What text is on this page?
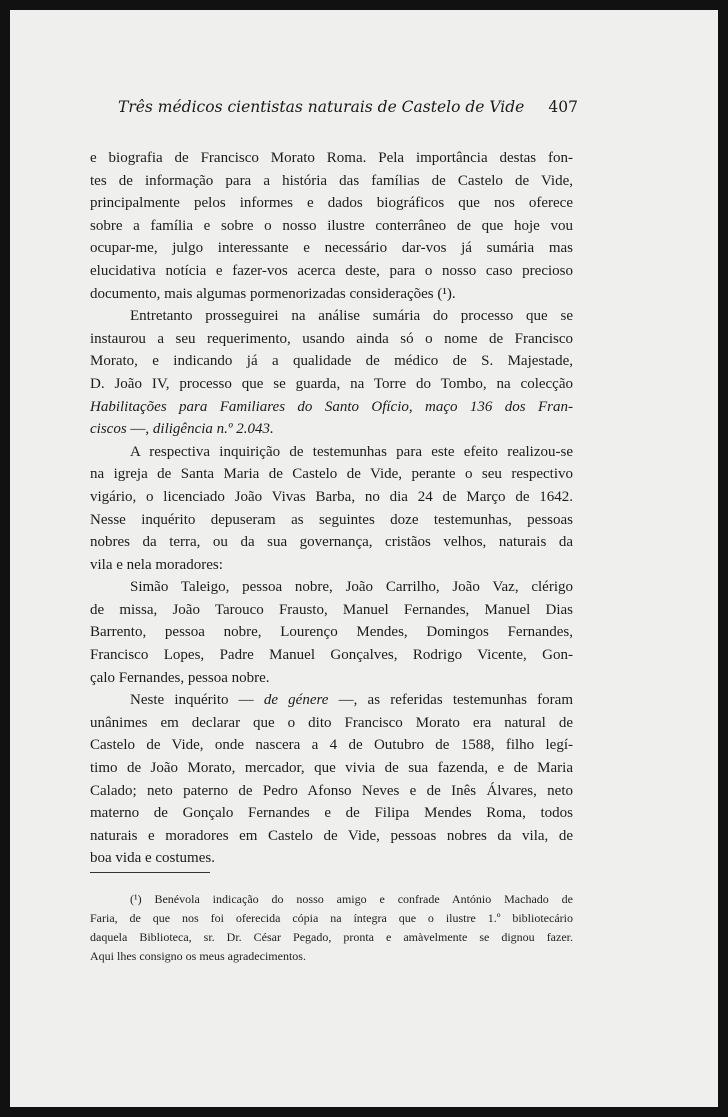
Três médicos cientistas naturais de Castelo de Vide 407
e biografia de Francisco Morato Roma. Pela importância destas fon-
tes de informação para a história das famílias de Castelo de Vide,
principalmente pelos informes e dados biográficos que nos oferece
sobre a família e sobre o nosso ilustre conterrâneo de que hoje vou
ocupar-me, julgo interessante e necessário dar-vos já sumária mas
elucidativa notícia e fazer-vos acerca deste, para o nosso caso precioso
documento, mais algumas pormenorizadas considerações (¹).
Entretanto prosseguirei na análise sumária do processo que se
instaurou a seu requerimento, usando ainda só o nome de Francisco
Morato, e indicando já a qualidade de médico de S. Majestade,
D. João IV, processo que se guarda, na Torre do Tombo, na colecção
Habilitações para Familiares do Santo Ofício, maço 136 dos Fran-
ciscos —, diligência n.º 2.043.
A respectiva inquirição de testemunhas para este efeito realizou-se
na igreja de Santa Maria de Castelo de Vide, perante o seu respectivo
vigário, o licenciado João Vivas Barba, no dia 24 de Março de 1642.
Nesse inquérito depuseram as seguintes doze testemunhas, pessoas
nobres da terra, ou da sua governança, cristãos velhos, naturais da
vila e nela moradores:
Simão Taleigo, pessoa nobre, João Carrilho, João Vaz, clérigo
de missa, João Tarouco Frausto, Manuel Fernandes, Manuel Dias
Barrento, pessoa nobre, Lourenço Mendes, Domingos Fernandes,
Francisco Lopes, Padre Manuel Gonçalves, Rodrigo Vicente, Gon-
çalo Fernandes, pessoa nobre.
Neste inquérito — de génere —, as referidas testemunhas foram
unânimes em declarar que o dito Francisco Morato era natural de
Castelo de Vide, onde nascera a 4 de Outubro de 1588, filho legí-
timo de João Morato, mercador, que vivia de sua fazenda, e de Maria
Calado; neto paterno de Pedro Afonso Neves e de Inês Álvares, neto
materno de Gonçalo Fernandes e de Filipa Mendes Roma, todos
naturais e moradores em Castelo de Vide, pessoas nobres da vila, de
boa vida e costumes.
(¹) Benévola indicação do nosso amigo e confrade António Machado de
Faria, de que nos foi oferecida cópia na íntegra que o ilustre 1.º bibliotecário
daquela Biblioteca, sr. Dr. César Pegado, pronta e amàvelmente se dignou fazer.
Aqui lhes consigno os meus agradecimentos.
